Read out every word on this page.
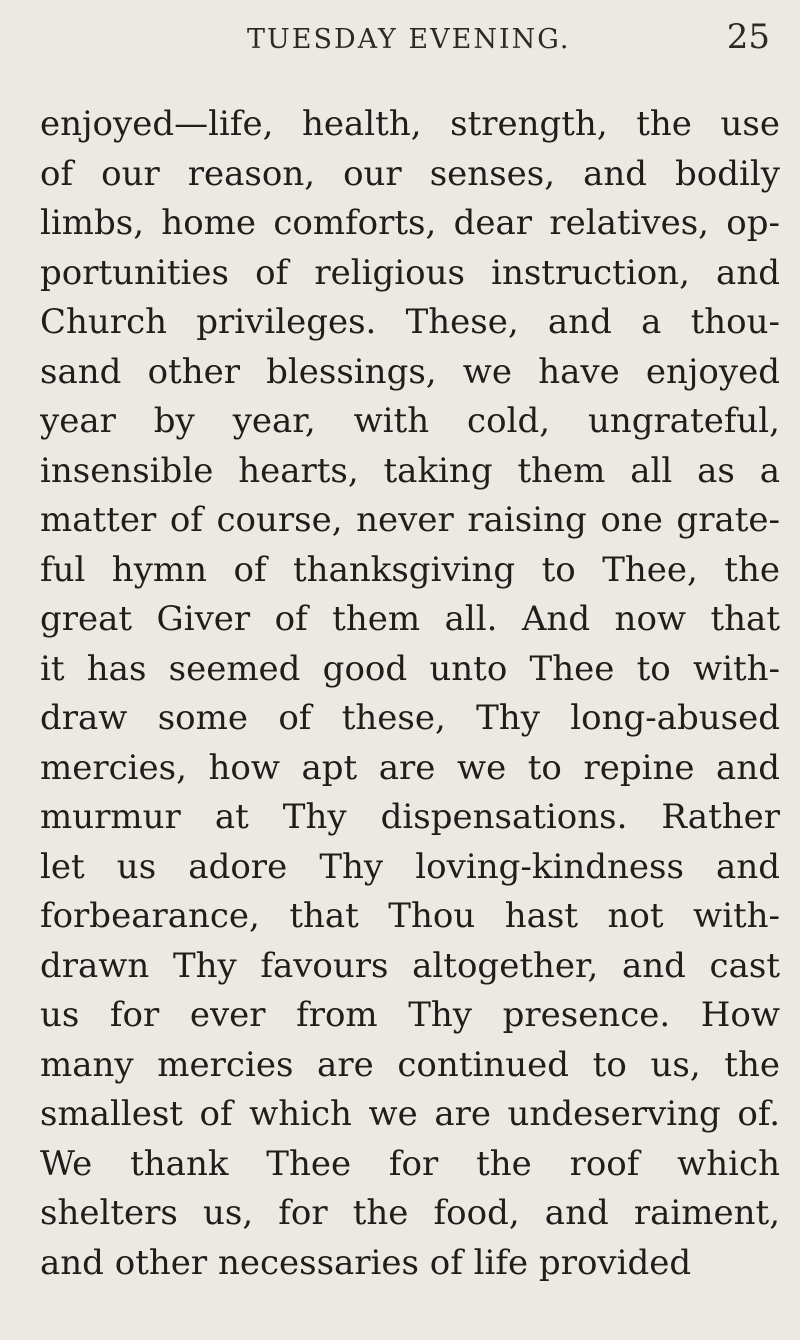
TUESDAY EVENING.	25
enjoyed—life, health, strength, the use
of our reason, our senses, and bodily
limbs, home comforts, dear relatives, op-
portunities of religious instruction, and
Church privileges. These, and a thou-
sand other blessings, we have enjoyed
year by year, with cold, ungrateful,
insensible hearts, taking them all as a
matter of course, never raising one grate-
ful hymn of thanksgiving to Thee, the
great Giver of them all. And now that
it has seemed good unto Thee to with-
draw some of these, Thy long-abused
mercies, how apt are we to repine and
murmur at Thy dispensations. Rather
let us adore Thy loving-kindness and
forbearance, that Thou hast not with-
drawn Thy favours altogether, and cast
us for ever from Thy presence. How
many mercies are continued to us, the
smallest of which we are undeserving of.
We thank Thee for the roof which
shelters us, for the food, and raiment,
and other necessaries of life provided
